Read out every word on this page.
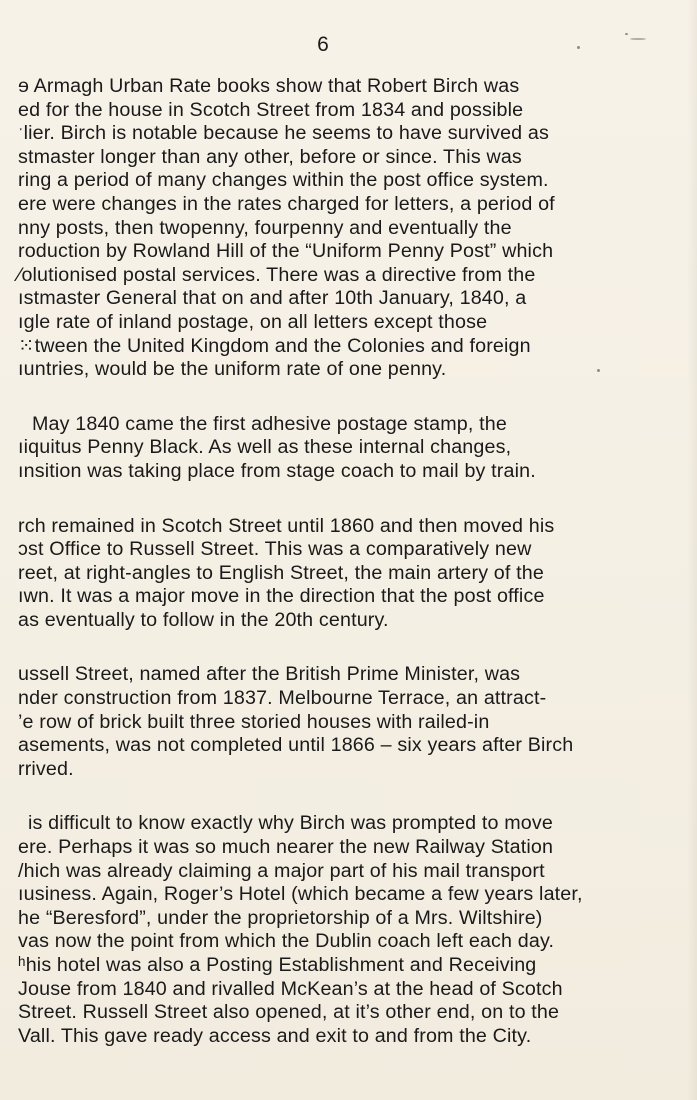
6
ɘ Armagh Urban Rate books show that Robert Birch was
ed for the house in Scotch Street from 1834 and possible
ˑlier. Birch is notable because he seems to have survived as
stmaster longer than any other, before or since. This was
ring a period of many changes within the post office system.
ere were changes in the rates charged for letters, a period of
nny posts, then twopenny, fourpenny and eventually the
roduction by Rowland Hill of the “Uniform Penny Post” which
⁄olutionised postal services. There was a directive from the
ıstmaster General that on and after 10th January, 1840, a
ıgle rate of inland postage, on all letters except those
⁙tween the United Kingdom and the Colonies and foreign
ıuntries, would be the uniform rate of one penny.
May 1840 came the first adhesive postage stamp, the
ıiquitus Penny Black. As well as these internal changes,
ınsition was taking place from stage coach to mail by train.
rch remained in Scotch Street until 1860 and then moved his
ɔst Office to Russell Street. This was a comparatively new
reet, at right-angles to English Street, the main artery of the
ıwn. It was a major move in the direction that the post office
as eventually to follow in the 20th century.
ussell Street, named after the British Prime Minister, was
nder construction from 1837. Melbourne Terrace, an attract-
’e row of brick built three storied houses with railed-in
asements, was not completed until 1866 – six years after Birch
rrived.
is difficult to know exactly why Birch was prompted to move
ere. Perhaps it was so much nearer the new Railway Station
/hich was already claiming a major part of his mail transport
ıusiness. Again, Roger’s Hotel (which became a few years later,
he “Beresford”, under the proprietorship of a Mrs. Wiltshire)
vas now the point from which the Dublin coach left each day.
ʰhis hotel was also a Posting Establishment and Receiving
Jouse from 1840 and rivalled McKean’s at the head of Scotch
Street. Russell Street also opened, at it’s other end, on to the
Vall. This gave ready access and exit to and from the City.
